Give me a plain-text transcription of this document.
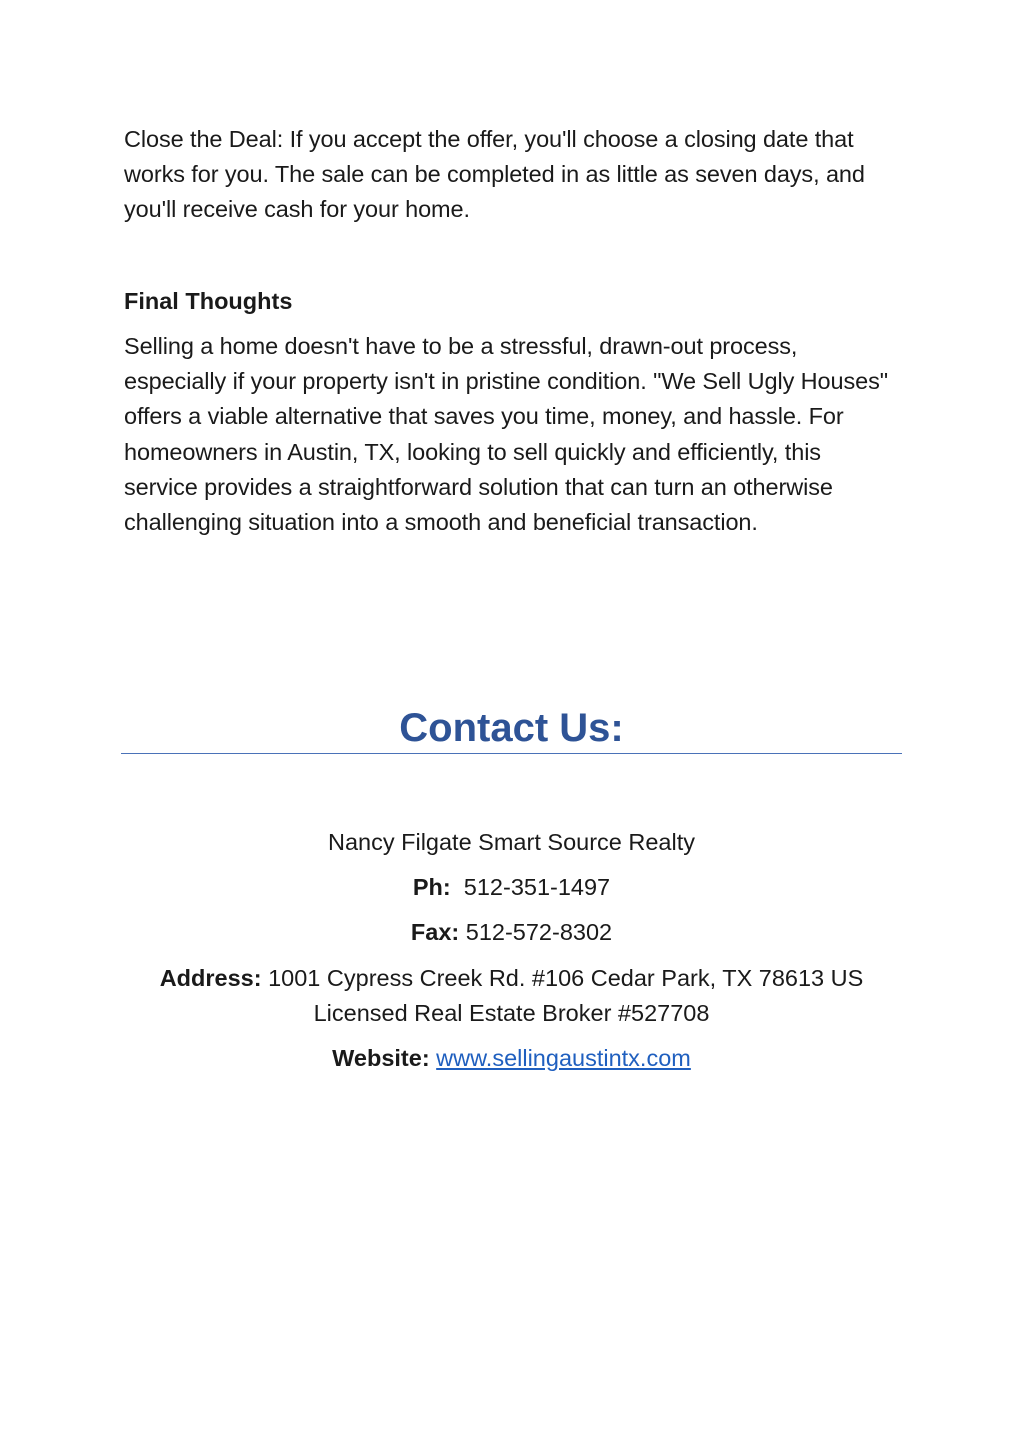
Close the Deal: If you accept the offer, you'll choose a closing date that works for you. The sale can be completed in as little as seven days, and you'll receive cash for your home.

Final Thoughts

Selling a home doesn't have to be a stressful, drawn-out process, especially if your property isn't in pristine condition. "We Sell Ugly Houses" offers a viable alternative that saves you time, money, and hassle. For homeowners in Austin, TX, looking to sell quickly and efficiently, this service provides a straightforward solution that can turn an otherwise challenging situation into a smooth and beneficial transaction.

Contact Us:

Nancy Filgate Smart Source Realty

Ph: 512-351-1497

Fax: 512-572-8302

Address: 1001 Cypress Creek Rd. #106 Cedar Park, TX 78613 US

Licensed Real Estate Broker #527708

Website: www.sellingaustintx.com
